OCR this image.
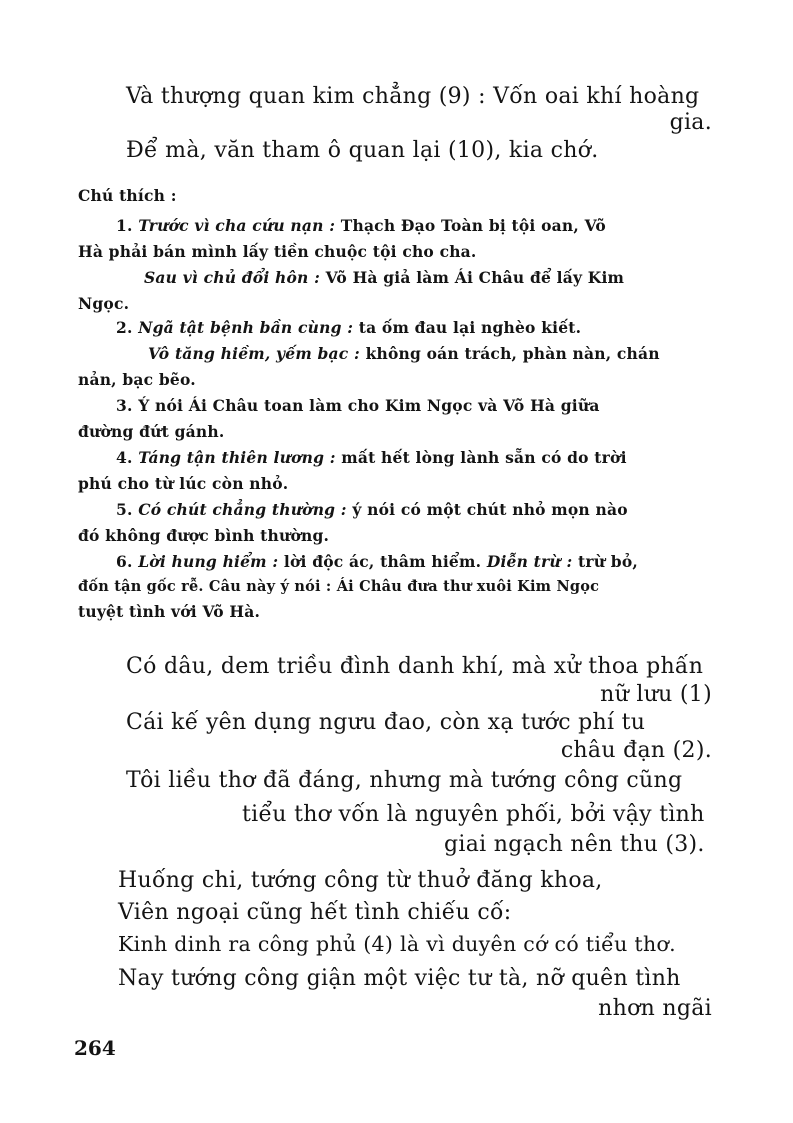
Và thượng quan kim chẳng (9) : Vốn oai khí hoàng
gia.
Để mà, văn tham ô quan lại (10), kia chớ.
Chú thích :
1. Trước vì cha cứu nạn : Thạch Đạo Toàn bị tội oan, Võ
Hà phải bán mình lấy tiền chuộc tội cho cha.
Sau vì chủ đổi hôn : Võ Hà giả làm Ái Châu để lấy Kim
Ngọc.
2. Ngã tật bệnh bần cùng : ta ốm đau lại nghèo kiết.
Vô tăng hiềm, yếm bạc : không oán trách, phàn nàn, chán
nản, bạc bẽo.
3. Ý nói Ái Châu toan làm cho Kim Ngọc và Võ Hà giữa
đường đứt gánh.
4. Táng tận thiên lương : mất hết lòng lành sẵn có do trời
phú cho từ lúc còn nhỏ.
5. Có chút chẳng thường : ý nói có một chút nhỏ mọn nào
đó không được bình thường.
6. Lời hung hiểm : lời độc ác, thâm hiểm. Diễn trừ : trừ bỏ,
đốn tận gốc rễ. Câu này ý nói : Ái Châu đưa thư xuôi Kim Ngọc
tuyệt tình với Võ Hà.
Có dâu, dem triều đình danh khí, mà xử thoa phấn
nữ lưu (1)
Cái kế yên dụng ngưu đao, còn xạ tước phí tu
châu đạn (2).
Tôi liều thơ đã đáng, nhưng mà tướng công cũng
tiểu thơ vốn là nguyên phối, bởi vậy tình
giai ngạch nên thu (3).
Huống chi, tướng công từ thuở đăng khoa,
Viên ngoại cũng hết tình chiếu cố:
Kinh dinh ra công phủ (4) là vì duyên cớ có tiểu thơ.
Nay tướng công giận một việc tư tà, nỡ quên tình
nhơn ngãi
264
